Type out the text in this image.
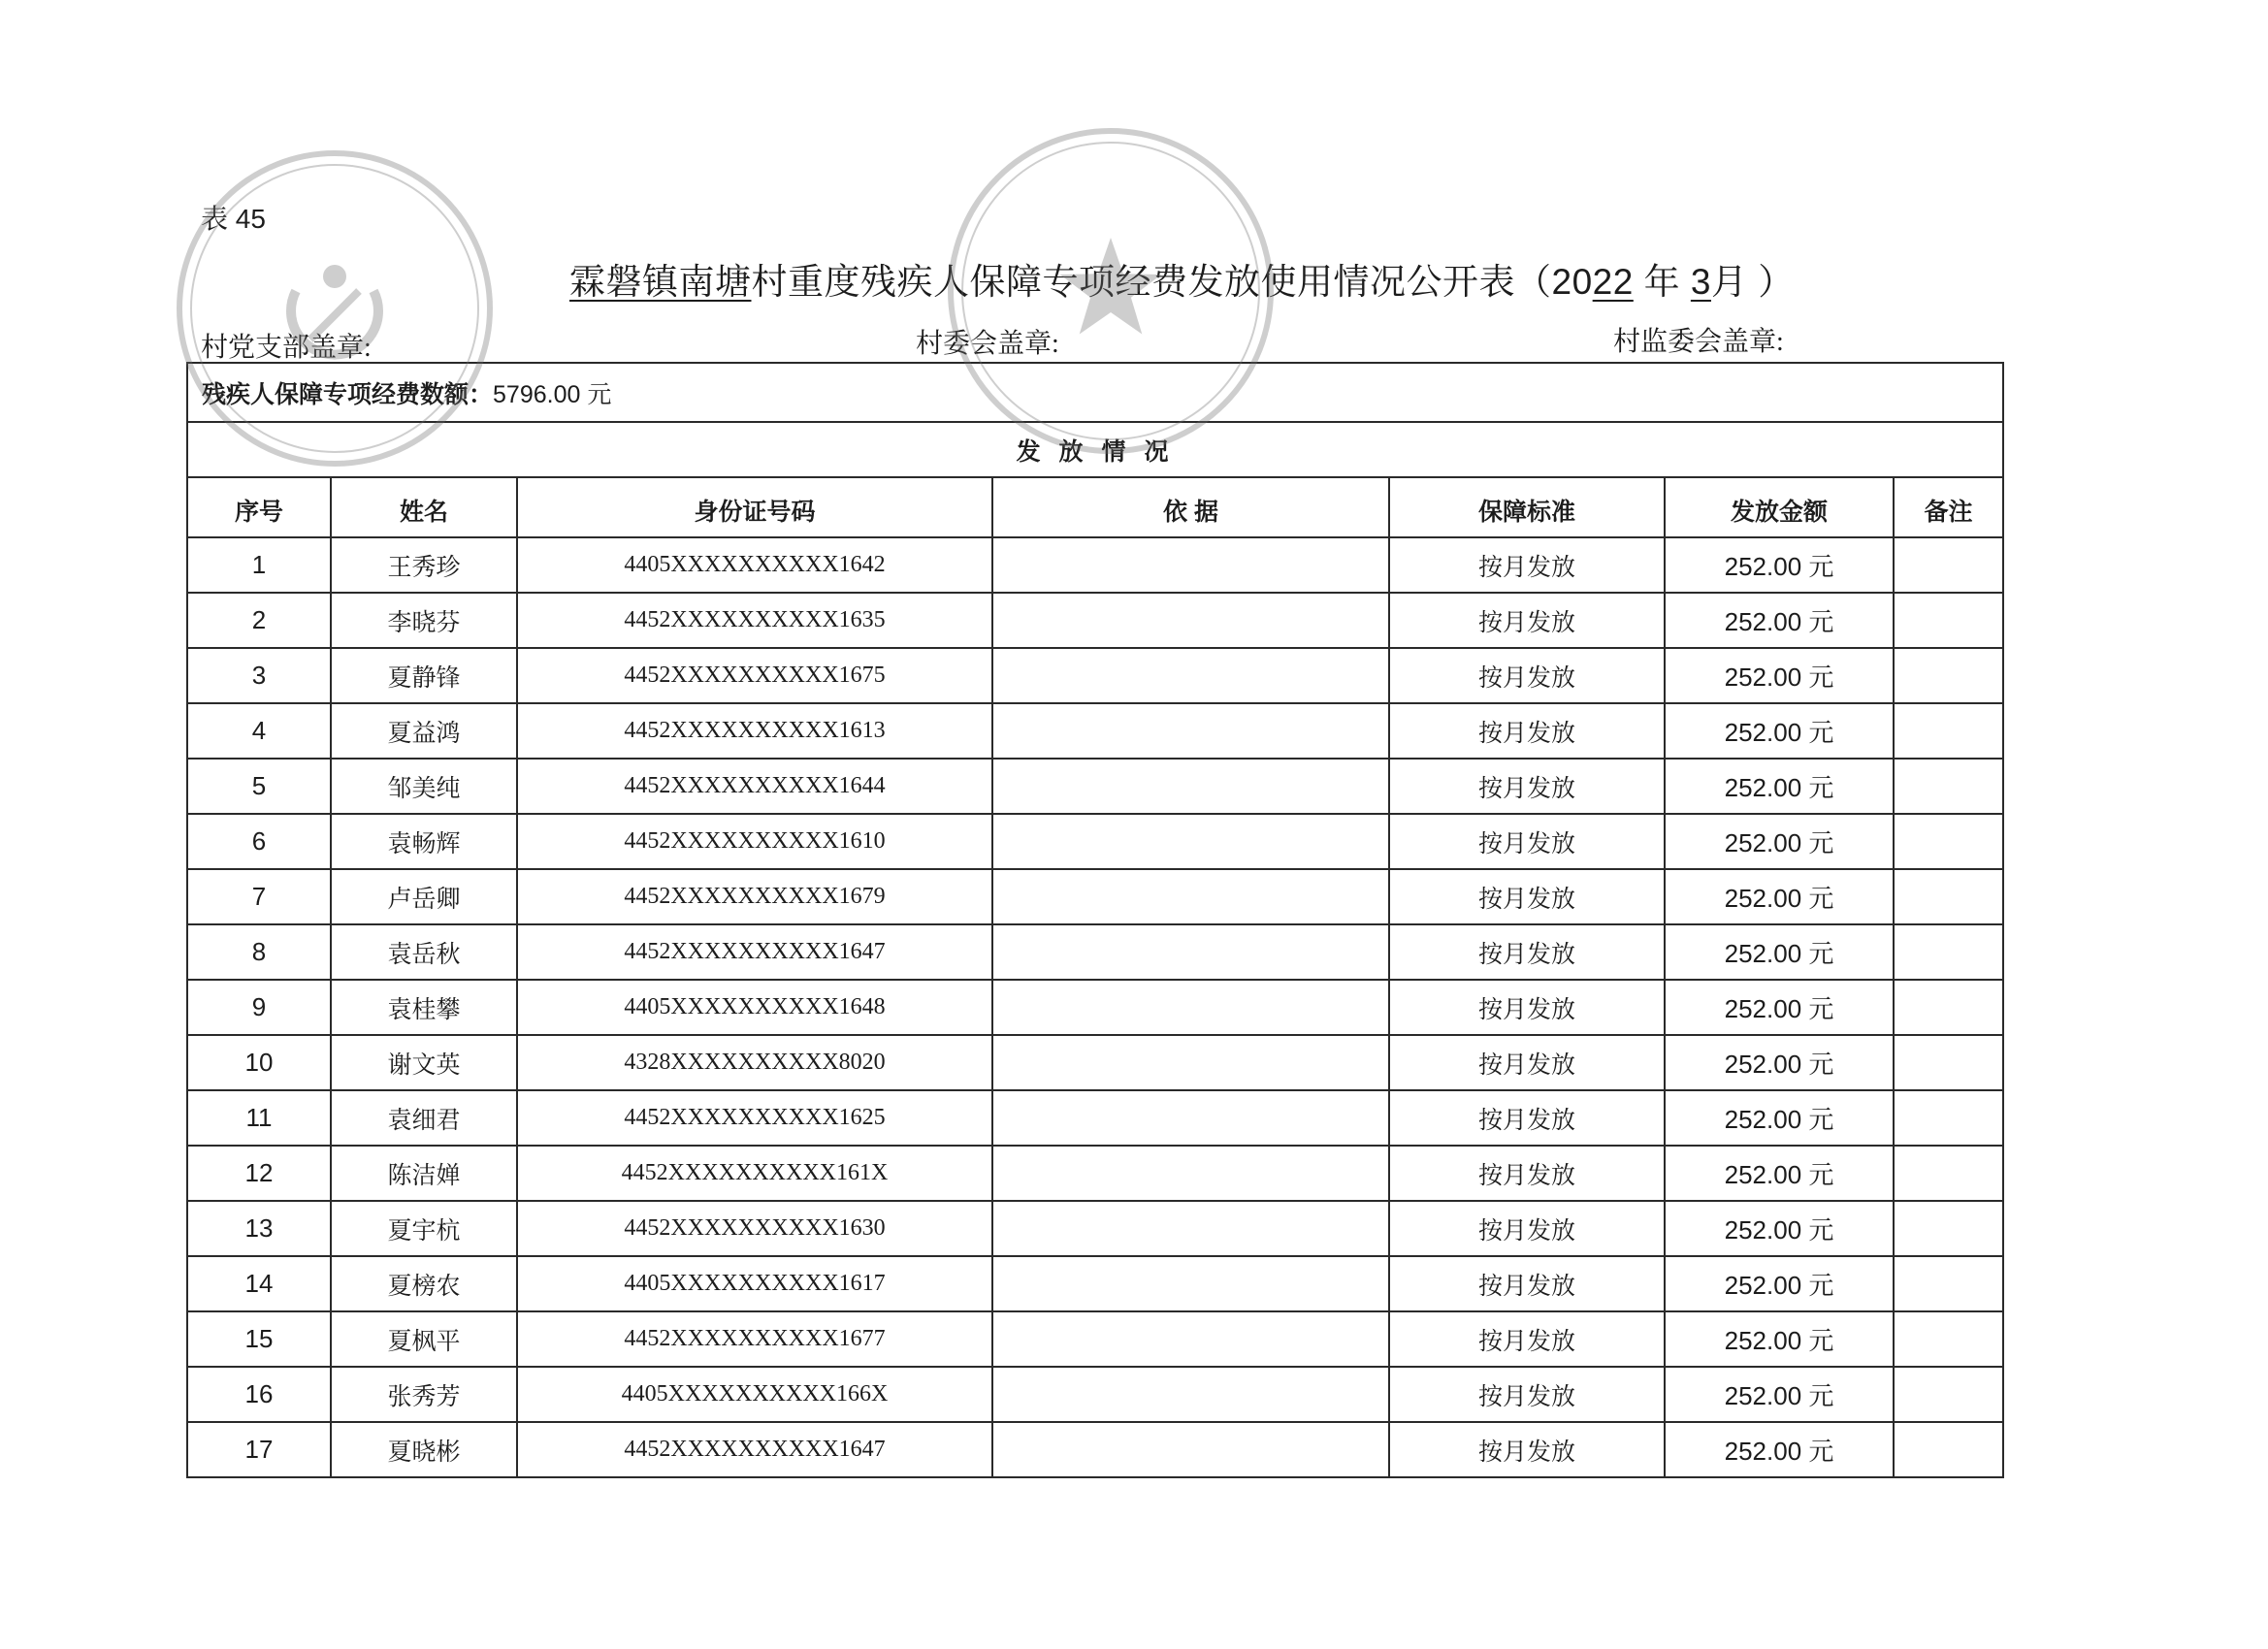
表 45
霖磐镇南塘村重度残疾人保障专项经费发放使用情况公开表（2022 年 3月 ）
村党支部盖章:	村委会盖章:	村监委会盖章:
残疾人保障专项经费数额：5796.00 元						
发 放 情 况						
序号	姓名	身份证号码	依 据	保障标准	发放金额	备注
1	王秀珍	4405XXXXXXXXXX1642		按月发放	252.00 元	
2	李晓芬	4452XXXXXXXXXX1635		按月发放	252.00 元	
3	夏静锋	4452XXXXXXXXXX1675		按月发放	252.00 元	
4	夏益鸿	4452XXXXXXXXXX1613		按月发放	252.00 元	
5	邹美纯	4452XXXXXXXXXX1644		按月发放	252.00 元	
6	袁畅辉	4452XXXXXXXXXX1610		按月发放	252.00 元	
7	卢岳卿	4452XXXXXXXXXX1679		按月发放	252.00 元	
8	袁岳秋	4452XXXXXXXXXX1647		按月发放	252.00 元	
9	袁桂攀	4405XXXXXXXXXX1648		按月发放	252.00 元	
10	谢文英	4328XXXXXXXXXX8020		按月发放	252.00 元	
11	袁细君	4452XXXXXXXXXX1625		按月发放	252.00 元	
12	陈洁婵	4452XXXXXXXXXX161X		按月发放	252.00 元	
13	夏宇杭	4452XXXXXXXXXX1630		按月发放	252.00 元	
14	夏榜农	4405XXXXXXXXXX1617		按月发放	252.00 元	
15	夏枫平	4452XXXXXXXXXX1677		按月发放	252.00 元	
16	张秀芳	4405XXXXXXXXXX166X		按月发放	252.00 元	
17	夏晓彬	4452XXXXXXXXXX1647		按月发放	252.00 元	
